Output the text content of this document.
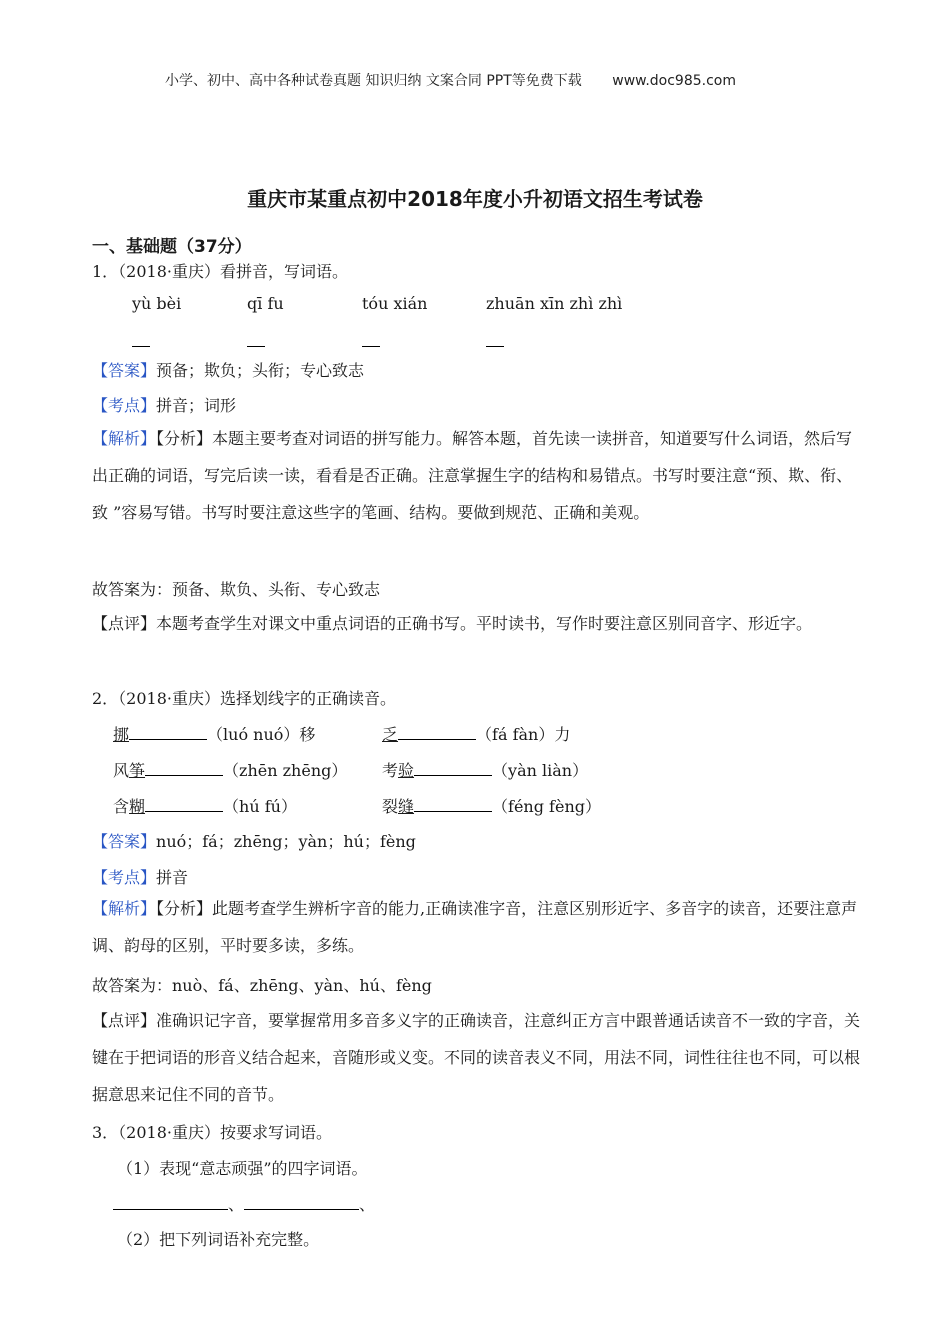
小学、初中、高中各种试卷真题 知识归纳 文案合同 PPT等免费下载 www.doc985.com
重庆市某重点初中2018年度小升初语文招生考试卷
一、基础题（37分）
1．（2018·重庆）看拼音，写词语。
yù bèi	qī fu	tóu xián	zhuān xīn zhì zhì
【答案】预备；欺负；头衔；专心致志
【考点】拼音；词形
【解析】【分析】本题主要考查对词语的拼写能力。解答本题，首先读一读拼音，知道要写什么词语，然后写出正确的词语，写完后读一读，看看是否正确。注意掌握生字的结构和易错点。书写时要注意“预、欺、衔、致 ”容易写错。书写时要注意这些字的笔画、结构。要做到规范、正确和美观。
故答案为：预备、欺负、头衔、专心致志
【点评】本题考查学生对课文中重点词语的正确书写。平时读书，写作时要注意区别同音字、形近字。
2．（2018·重庆）选择划线字的正确读音。
挪	（luó nuó）移	乏	（fá fàn）力
风筝	（zhēn zhēng） 考验	（yàn liàn）
含糊	（hú fú）	裂缝	（féng fèng）
【答案】nuó；fá；zhēng；yàn；hú；fèng
【考点】拼音
【解析】【分析】此题考查学生辨析字音的能力,正确读准字音，注意区别形近字、多音字的读音，还要注意声调、韵母的区别，平时要多读，多练。
故答案为：nuò、fá、zhēng、yàn、hú、fèng
【点评】准确识记字音，要掌握常用多音多义字的正确读音，注意纠正方言中跟普通话读音不一致的字音，关键在于把词语的形音义结合起来，音随形或义变。不同的读音表义不同，用法不同，词性往往也不同，可以根据意思来记住不同的音节。
3．（2018·重庆）按要求写词语。
（1）表现“意志顽强”的四字词语。
、	、
（2）把下列词语补充完整。
